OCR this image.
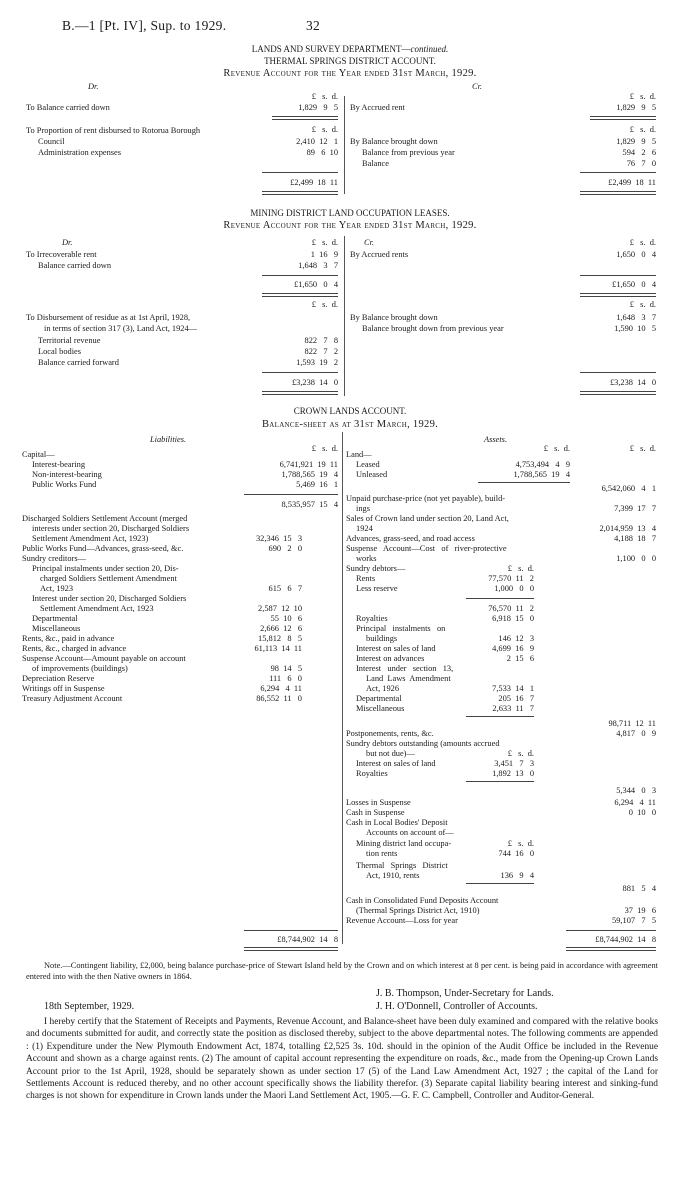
B.—1 [Pt. IV], Sup. to 1929.	32
LANDS AND SURVEY DEPARTMENT—continued.
THERMAL SPRINGS DISTRICT ACCOUNT.
Revenue Account for the Year ended 31st March, 1929.
Dr.	Cr.
£   s.  d.	£   s.  d.
To Balance carried down	1,829   9   5 By Accrued rent	1,829   9   5
£   s.  d.	£   s.  d.
To Proportion of rent disbursed to Rotorua Borough
Council	2,410  12   1
Administration expenses	89   6  10
By Balance brought down	1,829   9   5
Balance from previous year	594   2   6
Balance	76   7   0
£2,499  18  11	£2,499  18  11
MINING DISTRICT LAND OCCUPATION LEASES.
Revenue Account for the Year ended 31st March, 1929.
Dr.	Cr.
£   s.  d.	£   s.  d.
To Irrecoverable rent	1  16   9
Balance carried down	1,648   3   7
By Accrued rents	1,650   0   4
£1,650   0   4	£1,650   0   4
£   s.  d.	£   s.  d.
To Disbursement of residue as at 1st April, 1928,
in terms of section 317 (3), Land Act, 1924—
Territorial revenue	822   7   8
Local bodies	822   7   2
Balance carried forward	1,593  19   2
By Balance brought down	1,648   3   7
Balance brought down from previous year	1,590  10   5
£3,238  14   0	£3,238  14   0
CROWN LANDS ACCOUNT.
Balance-sheet as at 31st March, 1929.
Liabilities.	Assets.
£   s.  d.
Capital—
Interest-bearing	6,741,921  19  11
Non-interest-bearing	1,788,565  19   4
Public Works Fund	5,469  16   1
8,535,957  15   4
Discharged Soldiers Settlement Account (merged
interests under section 20, Discharged Soldiers
Settlement Amendment Act, 1923)	32,346  15   3
Public Works Fund—Advances, grass-seed, &c.	690   2   0
Sundry creditors—
Principal instalments under section 20, Dis-
charged Soldiers Settlement Amendment
Act, 1923	615   6   7
Interest under section 20, Discharged Soldiers
Settlement Amendment Act, 1923	2,587  12  10
Departmental	55  10   6
Miscellaneous	2,666  12   6
Rents, &c., paid in advance	15,812   8   5
Rents, &c., charged in advance	61,113  14  11
Suspense Account—Amount payable on account
of improvements (buildings)	98  14   5
Depreciation Reserve	111   6   0
Writings off in Suspense	6,294   4  11
Treasury Adjustment Account	86,552  11   0
£8,744,902  14   8
£   s.  d.	£   s.  d.
Land—
Leased	4,753,494   4   9
Unleased	1,788,565  19   4
6,542,060   4   1
Unpaid purchase-price (not yet payable), build-
ings	7,399  17   7
Sales of Crown land under section 20, Land Act,
1924	2,014,959  13   4
Advances, grass-seed, and road access	4,188  18   7
Suspense   Account—Cost   of   river-protective
works	1,100   0   0
Sundry debtors—	£   s.  d.
Rents	77,570  11   2
Less reserve	1,000   0   0
76,570  11   2
Royalties	6,918  15   0
Principal   instalments   on
buildings	146  12   3
Interest on sales of land	4,699  16   9
Interest on advances	2  15   6
Interest   under   section   13,
Land  Laws  Amendment
Act, 1926	7,533  14   1
Departmental	205  16   7
Miscellaneous	2,633  11   7
98,711  12  11
Postponements, rents, &c.	4,817   0   9
Sundry debtors outstanding (amounts accrued
but not due)—	£   s.  d.
Interest on sales of land	3,451   7   3
Royalties	1,892  13   0
5,344   0   3
Losses in Suspense	6,294   4  11
Cash in Suspense	0  10   0
Cash in Local Bodies' Deposit
Accounts on account of—
Mining district land occupa-	£   s.  d.
tion rents	744  16   0
Thermal   Springs   District
Act, 1910, rents	136   9   4
881   5   4
Cash in Consolidated Fund Deposits Account
(Thermal Springs District Act, 1910)	37  19   6
Revenue Account—Loss for year	59,107   7   5
£8,744,902  14   8
Note.—Contingent liability, £2,000, being balance purchase-price of Stewart Island held by the Crown and on which interest at 8 per cent. is being paid in accordance with agreement entered into with the then Native owners in 1864.
J. B. Thompson, Under-Secretary for Lands.
18th September, 1929.	J. H. O'Donnell, Controller of Accounts.
I hereby certify that the Statement of Receipts and Payments, Revenue Account, and Balance-sheet have been duly examined and compared with the relative books and documents submitted for audit, and correctly state the position as disclosed thereby, subject to the above departmental notes. The following comments are appended : (1) Expenditure under the New Plymouth Endowment Act, 1874, totalling £2,525 3s. 10d. should in the opinion of the Audit Office be included in the Revenue Account and shown as a charge against rents. (2) The amount of capital account representing the expenditure on roads, &c., made from the Opening-up Crown Lands Account prior to the 1st April, 1928, should be separately shown as under section 17 (5) of the Land Law Amendment Act, 1927 ; the capital of the Land for Settlements Account is reduced thereby, and no other account specifically shows the liability therefor. (3) Separate capital liability bearing interest and sinking-fund charges is not shown for expenditure in Crown lands under the Maori Land Settlement Act, 1905.—G. F. C. Campbell, Controller and Auditor-General.
